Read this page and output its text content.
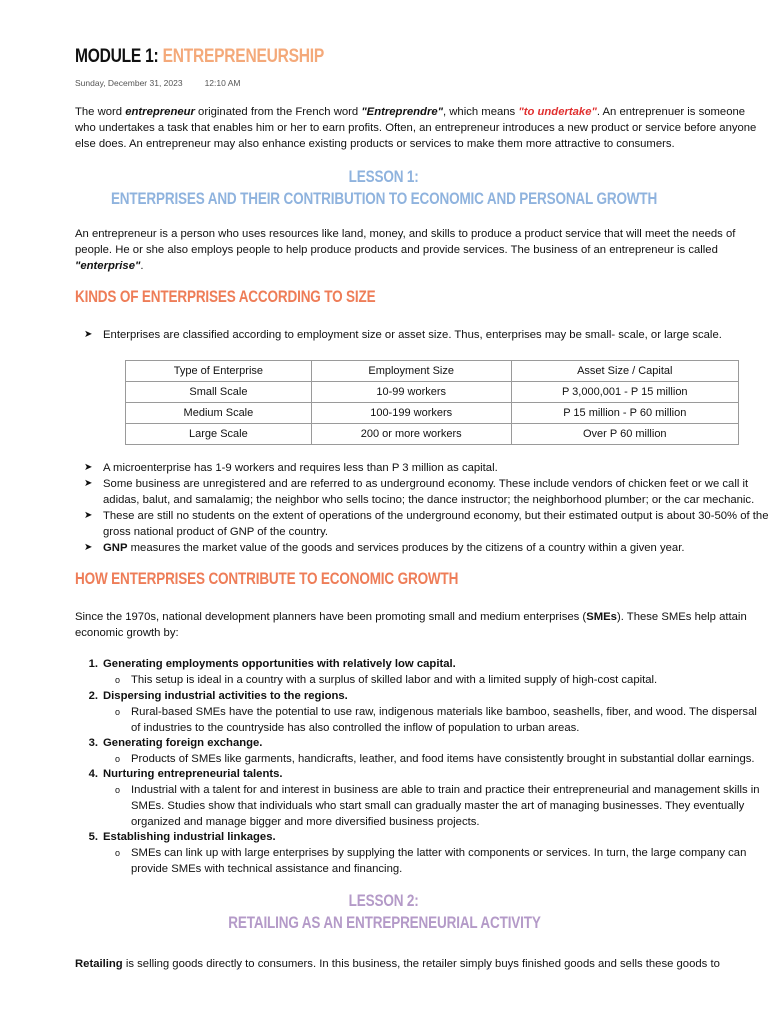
MODULE 1: ENTREPRENEURSHIP
Sunday, December 31, 2023	12:10 AM
The word entrepreneur originated from the French word "Entreprendre", which means "to undertake". An entreprenuer is someone who undertakes a task that enables him or her to earn profits. Often, an entrepreneur introduces a new product or service before anyone else does. An entrepreneur may also enhance existing products or services to make them more attractive to consumers.
LESSON 1:
ENTERPRISES AND THEIR CONTRIBUTION TO ECONOMIC AND PERSONAL GROWTH
An entrepreneur is a person who uses resources like land, money, and skills to produce a product service that will meet the needs of people. He or she also employs people to help produce products and provide services. The business of an entrepreneur is called "enterprise".
KINDS OF ENTERPRISES ACCORDING TO SIZE
➤ Enterprises are classified according to employment size or asset size. Thus, enterprises may be small- scale, or large scale.
Type of Enterprise	Employment Size	Asset Size / Capital
Small Scale	10-99 workers	P 3,000,001 - P 15 million
Medium Scale	100-199 workers	P 15 million - P 60 million
Large Scale	200 or more workers	Over P 60 million
➤ A microenterprise has 1-9 workers and requires less than P 3 million as capital.
➤ Some business are unregistered and are referred to as underground economy. These include vendors of chicken feet or we call it adidas, balut, and samalamig; the neighbor who sells tocino; the dance instructor; the neighborhood plumber; or the car mechanic.
➤ These are still no students on the extent of operations of the underground economy, but their estimated output is about 30-50% of the gross national product of GNP of the country.
➤ GNP measures the market value of the goods and services produces by the citizens of a country within a given year.
HOW ENTERPRISES CONTRIBUTE TO ECONOMIC GROWTH
Since the 1970s, national development planners have been promoting small and medium enterprises (SMEs). These SMEs help attain economic growth by:
1. Generating employments opportunities with relatively low capital.
o This setup is ideal in a country with a surplus of skilled labor and with a limited supply of high-cost capital.
2. Dispersing industrial activities to the regions.
o Rural-based SMEs have the potential to use raw, indigenous materials like bamboo, seashells, fiber, and wood. The dispersal of industries to the countryside has also controlled the inflow of population to urban areas.
3. Generating foreign exchange.
o Products of SMEs like garments, handicrafts, leather, and food items have consistently brought in substantial dollar earnings.
4. Nurturing entrepreneurial talents.
o Industrial with a talent for and interest in business are able to train and practice their entrepreneurial and management skills in SMEs. Studies show that individuals who start small can gradually master the art of managing businesses. They eventually organized and manage bigger and more diversified business projects.
5. Establishing industrial linkages.
o SMEs can link up with large enterprises by supplying the latter with components or services. In turn, the large company can provide SMEs with technical assistance and financing.
LESSON 2:
RETAILING AS AN ENTREPRENEURIAL ACTIVITY
Retailing is selling goods directly to consumers. In this business, the retailer simply buys finished goods and sells these goods to
